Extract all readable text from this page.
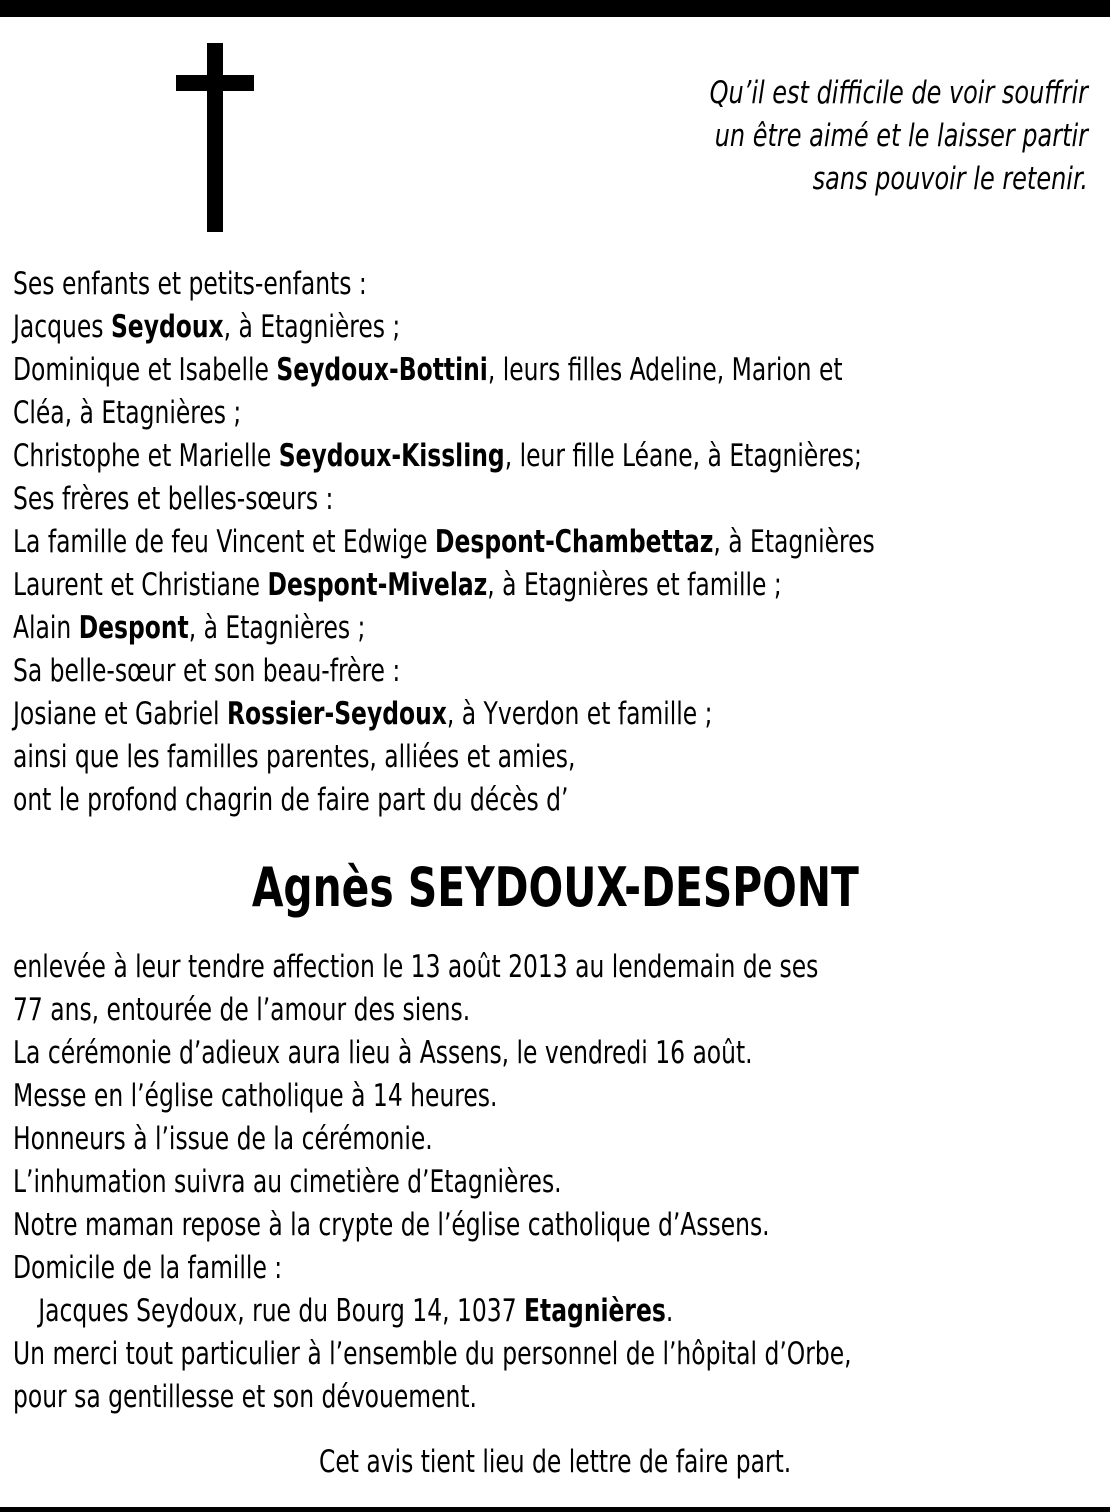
Qu’il est difficile de voir souffrir
un être aimé et le laisser partir
sans pouvoir le retenir.
Ses enfants et petits-enfants :
Jacques Seydoux, à Etagnières ;
Dominique et Isabelle Seydoux-Bottini, leurs filles Adeline, Marion et
Cléa, à Etagnières ;
Christophe et Marielle Seydoux-Kissling, leur fille Léane, à Etagnières;
Ses frères et belles-sœurs :
La famille de feu Vincent et Edwige Despont-Chambettaz, à Etagnières
Laurent et Christiane Despont-Mivelaz, à Etagnières et famille ;
Alain Despont, à Etagnières ;
Sa belle-sœur et son beau-frère :
Josiane et Gabriel Rossier-Seydoux, à Yverdon et famille ;
ainsi que les familles parentes, alliées et amies,
ont le profond chagrin de faire part du décès d’
Agnès SEYDOUX-DESPONT
enlevée à leur tendre affection le 13 août 2013 au lendemain de ses
77 ans, entourée de l’amour des siens.
La cérémonie d’adieux aura lieu à Assens, le vendredi 16 août.
Messe en l’église catholique à 14 heures.
Honneurs à l’issue de la cérémonie.
L’inhumation suivra au cimetière d’Etagnières.
Notre maman repose à la crypte de l’église catholique d’Assens.
Domicile de la famille :
Jacques Seydoux, rue du Bourg 14, 1037 Etagnières.
Un merci tout particulier à l’ensemble du personnel de l’hôpital d’Orbe,
pour sa gentillesse et son dévouement.
Cet avis tient lieu de lettre de faire part.
